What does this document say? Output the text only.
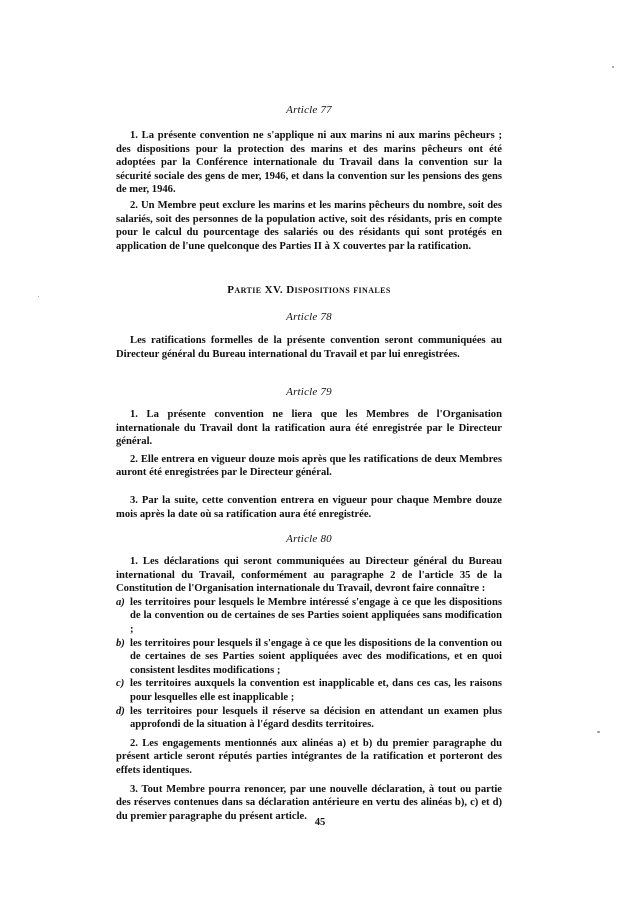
Article 77

1. La présente convention ne s'applique ni aux marins ni aux marins pêcheurs ; des dispositions pour la protection des marins et des marins pêcheurs ont été adoptées par la Conférence internationale du Travail dans la convention sur la sécurité sociale des gens de mer, 1946, et dans la convention sur les pensions des gens de mer, 1946.

2. Un Membre peut exclure les marins et les marins pêcheurs du nombre, soit des salariés, soit des personnes de la population active, soit des résidants, pris en compte pour le calcul du pourcentage des salariés ou des résidants qui sont protégés en application de l'une quelconque des Parties II à X couvertes par la ratification.

Partie XV. Dispositions finales
Article 78

Les ratifications formelles de la présente convention seront communiquées au Directeur général du Bureau international du Travail et par lui enregistrées.

Article 79

1. La présente convention ne liera que les Membres de l'Organisation internationale du Travail dont la ratification aura été enregistrée par le Directeur général.

2. Elle entrera en vigueur douze mois après que les ratifications de deux Membres auront été enregistrées par le Directeur général.

3. Par la suite, cette convention entrera en vigueur pour chaque Membre douze mois après la date où sa ratification aura été enregistrée.

Article 80

1. Les déclarations qui seront communiquées au Directeur général du Bureau international du Travail, conformément au paragraphe 2 de l'article 35 de la Constitution de l'Organisation internationale du Travail, devront faire connaître :

a) les territoires pour lesquels le Membre intéressé s'engage à ce que les dispositions de la convention ou de certaines de ses Parties soient appliquées sans modification ;
b) les territoires pour lesquels il s'engage à ce que les dispositions de la convention ou de certaines de ses Parties soient appliquées avec des modifications, et en quoi consistent lesdites modifications ;
c) les territoires auxquels la convention est inapplicable et, dans ces cas, les raisons pour lesquelles elle est inapplicable ;
d) les territoires pour lesquels il réserve sa décision en attendant un examen plus approfondi de la situation à l'égard desdits territoires.

2. Les engagements mentionnés aux alinéas a) et b) du premier paragraphe du présent article seront réputés parties intégrantes de la ratification et porteront des effets identiques.

3. Tout Membre pourra renoncer, par une nouvelle déclaration, à tout ou partie des réserves contenues dans sa déclaration antérieure en vertu des alinéas b), c) et d) du premier paragraphe du présent article.

45
